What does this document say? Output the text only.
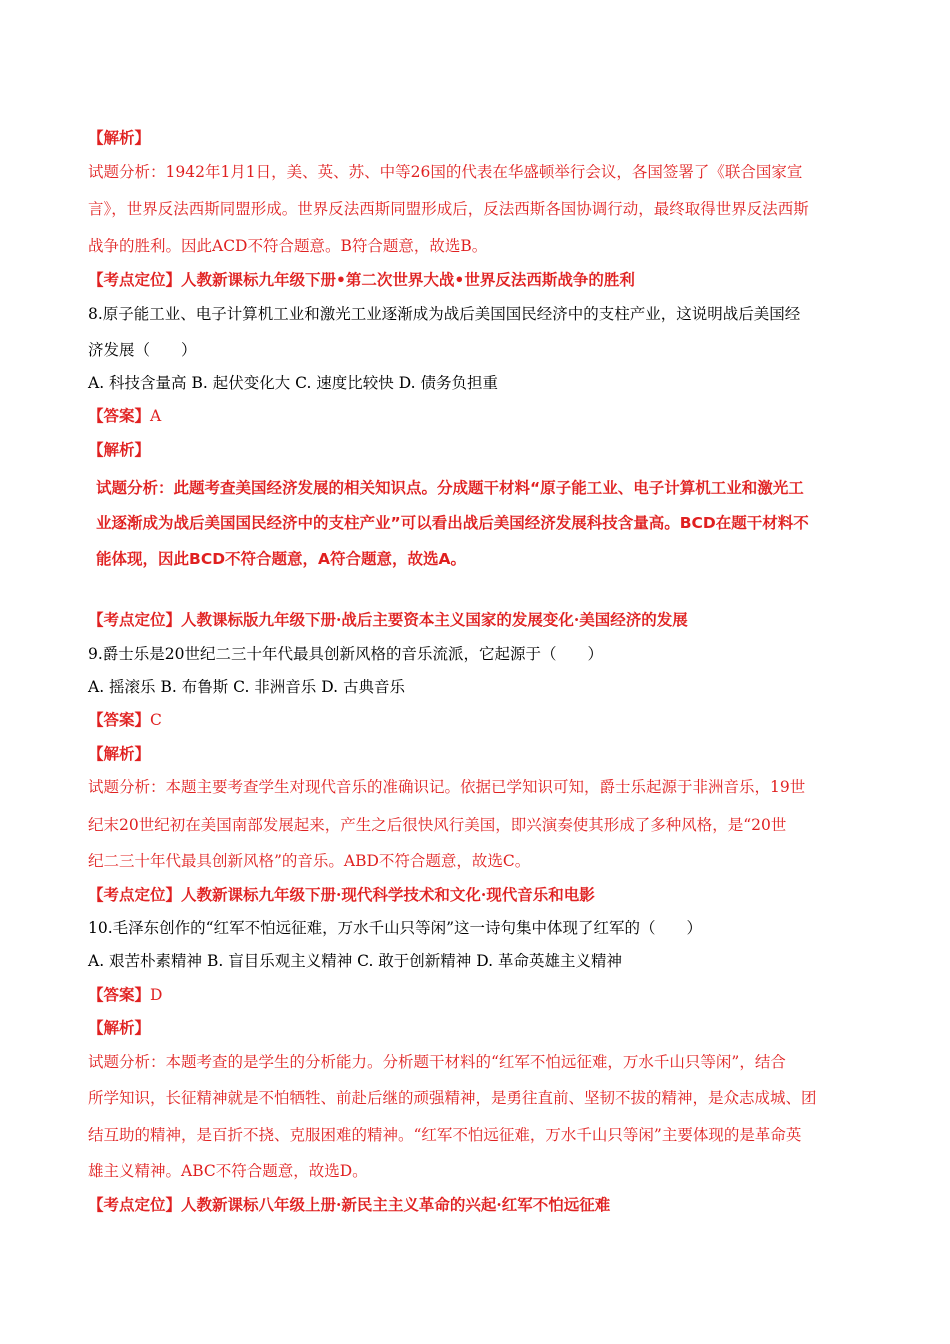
【解析】
试题分析：1942年1月1日，美、英、苏、中等26国的代表在华盛顿举行会议，各国签署了《联合国家宣
言》，世界反法西斯同盟形成。世界反法西斯同盟形成后，反法西斯各国协调行动，最终取得世界反法西斯
战争的胜利。因此ACD不符合题意。B符合题意，故选B。
【考点定位】人教新课标九年级下册•第二次世界大战•世界反法西斯战争的胜利
8.原子能工业、电子计算机工业和激光工业逐渐成为战后美国国民经济中的支柱产业，这说明战后美国经
济发展（　　）
A. 科技含量高 B. 起伏变化大 C. 速度比较快 D. 债务负担重
【答案】A
【解析】
试题分析：此题考查美国经济发展的相关知识点。分成题干材料“原子能工业、电子计算机工业和激光工
业逐渐成为战后美国国民经济中的支柱产业”可以看出战后美国经济发展科技含量高。BCD在题干材料不
能体现，因此BCD不符合题意，A符合题意，故选A。
【考点定位】人教课标版九年级下册·战后主要资本主义国家的发展变化·美国经济的发展
9.爵士乐是20世纪二三十年代最具创新风格的音乐流派，它起源于（　　）
A. 摇滚乐 B. 布鲁斯 C. 非洲音乐 D. 古典音乐
【答案】C
【解析】
试题分析：本题主要考查学生对现代音乐的准确识记。依据已学知识可知，爵士乐起源于非洲音乐，19世
纪末20世纪初在美国南部发展起来，产生之后很快风行美国，即兴演奏使其形成了多种风格，是“20世
纪二三十年代最具创新风格”的音乐。ABD不符合题意，故选C。
【考点定位】人教新课标九年级下册·现代科学技术和文化·现代音乐和电影
10.毛泽东创作的“红军不怕远征难，万水千山只等闲”这一诗句集中体现了红军的（　　）
A. 艰苦朴素精神 B. 盲目乐观主义精神 C. 敢于创新精神 D. 革命英雄主义精神
【答案】D
【解析】
试题分析：本题考查的是学生的分析能力。分析题干材料的“红军不怕远征难，万水千山只等闲”，结合
所学知识，长征精神就是不怕牺牲、前赴后继的顽强精神，是勇往直前、坚韧不拔的精神，是众志成城、团
结互助的精神，是百折不挠、克服困难的精神。“红军不怕远征难，万水千山只等闲”主要体现的是革命英
雄主义精神。ABC不符合题意，故选D。
【考点定位】人教新课标八年级上册·新民主主义革命的兴起·红军不怕远征难
